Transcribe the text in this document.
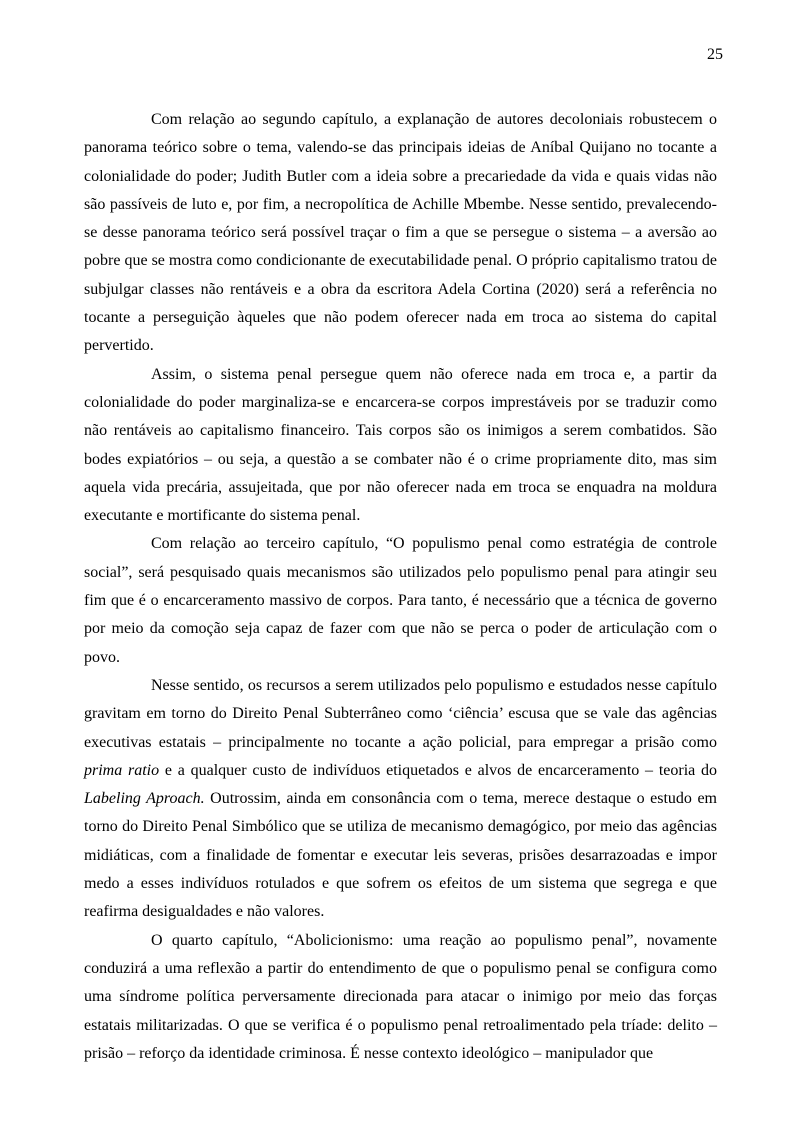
25

Com relação ao segundo capítulo, a explanação de autores decoloniais robustecem o panorama teórico sobre o tema, valendo-se das principais ideias de Aníbal Quijano no tocante a colonialidade do poder; Judith Butler com a ideia sobre a precariedade da vida e quais vidas não são passíveis de luto e, por fim, a necropolítica de Achille Mbembe. Nesse sentido, prevalecendo-se desse panorama teórico será possível traçar o fim a que se persegue o sistema – a aversão ao pobre que se mostra como condicionante de executabilidade penal. O próprio capitalismo tratou de subjulgar classes não rentáveis e a obra da escritora Adela Cortina (2020) será a referência no tocante a perseguição àqueles que não podem oferecer nada em troca ao sistema do capital pervertido.

Assim, o sistema penal persegue quem não oferece nada em troca e, a partir da colonialidade do poder marginaliza-se e encarcera-se corpos imprestáveis por se traduzir como não rentáveis ao capitalismo financeiro. Tais corpos são os inimigos a serem combatidos. São bodes expiatórios – ou seja, a questão a se combater não é o crime propriamente dito, mas sim aquela vida precária, assujeitada, que por não oferecer nada em troca se enquadra na moldura executante e mortificante do sistema penal.

Com relação ao terceiro capítulo, “O populismo penal como estratégia de controle social”, será pesquisado quais mecanismos são utilizados pelo populismo penal para atingir seu fim que é o encarceramento massivo de corpos. Para tanto, é necessário que a técnica de governo por meio da comoção seja capaz de fazer com que não se perca o poder de articulação com o povo.

Nesse sentido, os recursos a serem utilizados pelo populismo e estudados nesse capítulo gravitam em torno do Direito Penal Subterrâneo como ‘ciência’ escusa que se vale das agências executivas estatais – principalmente no tocante a ação policial, para empregar a prisão como prima ratio e a qualquer custo de indivíduos etiquetados e alvos de encarceramento – teoria do Labeling Aproach. Outrossim, ainda em consonância com o tema, merece destaque o estudo em torno do Direito Penal Simbólico que se utiliza de mecanismo demagógico, por meio das agências midiáticas, com a finalidade de fomentar e executar leis severas, prisões desarrazoadas e impor medo a esses indivíduos rotulados e que sofrem os efeitos de um sistema que segrega e que reafirma desigualdades e não valores.

O quarto capítulo, “Abolicionismo: uma reação ao populismo penal”, novamente conduzirá a uma reflexão a partir do entendimento de que o populismo penal se configura como uma síndrome política perversamente direcionada para atacar o inimigo por meio das forças estatais militarizadas. O que se verifica é o populismo penal retroalimentado pela tríade: delito – prisão – reforço da identidade criminosa. É nesse contexto ideológico – manipulador que
